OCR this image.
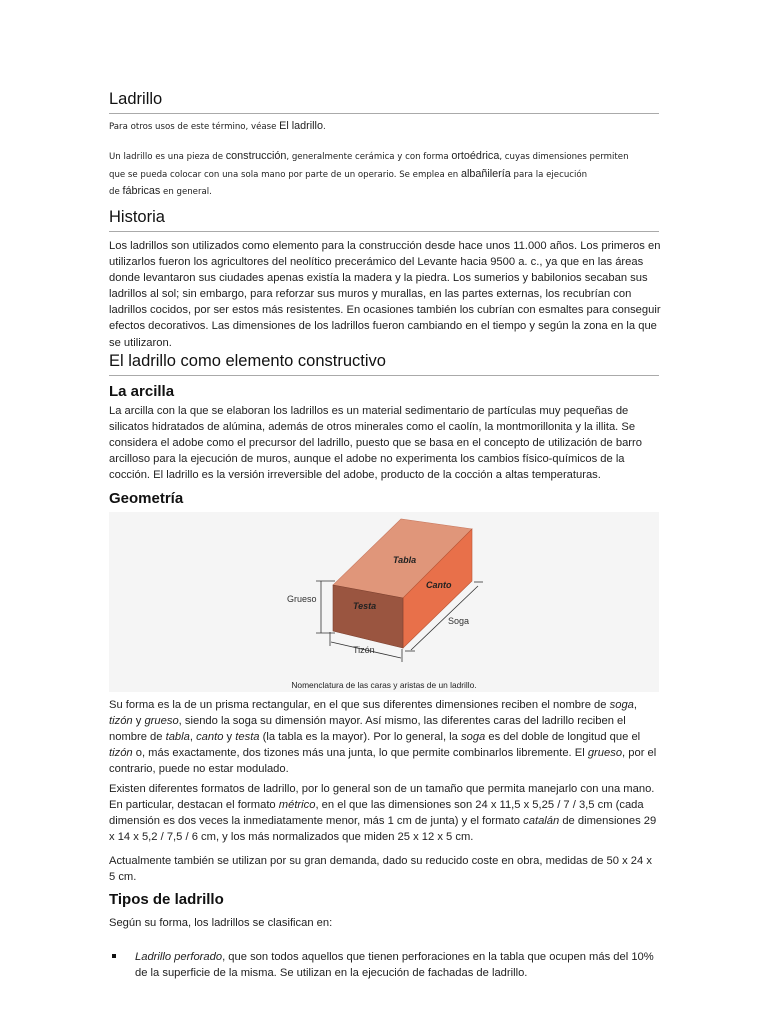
Ladrillo

Para otros usos de este término, véase El ladrillo.

Un ladrillo es una pieza de construcción, generalmente cerámica y con forma ortoédrica, cuyas dimensiones permiten
que se pueda colocar con una sola mano por parte de un operario. Se emplea en albañilería para la ejecución
de fábricas en general.

Historia

Los ladrillos son utilizados como elemento para la construcción desde hace unos 11.000 años. Los primeros en utilizarlos fueron los agricultores del neolítico precerámico del Levante hacia 9500 a. c., ya que en las áreas donde levantaron sus ciudades apenas existía la madera y la piedra. Los sumerios y babilonios secaban sus ladrillos al sol; sin embargo, para reforzar sus muros y murallas, en las partes externas, los recubrían con ladrillos cocidos, por ser estos más resistentes. En ocasiones también los cubrían con esmaltes para conseguir efectos decorativos. Las dimensiones de los ladrillos fueron cambiando en el tiempo y según la zona en la que se utilizaron.

El ladrillo como elemento constructivo
La arcilla

La arcilla con la que se elaboran los ladrillos es un material sedimentario de partículas muy pequeñas de silicatos hidratados de alúmina, además de otros minerales como el caolín, la montmorillonita y la illita. Se considera el adobe como el precursor del ladrillo, puesto que se basa en el concepto de utilización de barro arcilloso para la ejecución de muros, aunque el adobe no experimenta los cambios físico-químicos de la cocción. El ladrillo es la versión irreversible del adobe, producto de la cocción a altas temperaturas.

Geometría
Tabla
Canto
Testa
Grueso
Soga
Tizón
Nomenclatura de las caras y aristas de un ladrillo.

Su forma es la de un prisma rectangular, en el que sus diferentes dimensiones reciben el nombre de soga, tizón y grueso, siendo la soga su dimensión mayor. Así mismo, las diferentes caras del ladrillo reciben el nombre de tabla, canto y testa (la tabla es la mayor). Por lo general, la soga es del doble de longitud que el tizón o, más exactamente, dos tizones más una junta, lo que permite combinarlos libremente. El grueso, por el contrario, puede no estar modulado.

Existen diferentes formatos de ladrillo, por lo general son de un tamaño que permita manejarlo con una mano. En particular, destacan el formato métrico, en el que las dimensiones son 24 x 11,5 x 5,25 / 7 / 3,5 cm (cada dimensión es dos veces la inmediatamente menor, más 1 cm de junta) y el formato catalán de dimensiones 29 x 14 x 5,2 / 7,5 / 6 cm, y los más normalizados que miden 25 x 12 x 5 cm.

Actualmente también se utilizan por su gran demanda, dado su reducido coste en obra, medidas de 50 x 24 x 5 cm.

Tipos de ladrillo

Según su forma, los ladrillos se clasifican en:

Ladrillo perforado, que son todos aquellos que tienen perforaciones en la tabla que ocupen más del 10% de la superficie de la misma. Se utilizan en la ejecución de fachadas de ladrillo.
